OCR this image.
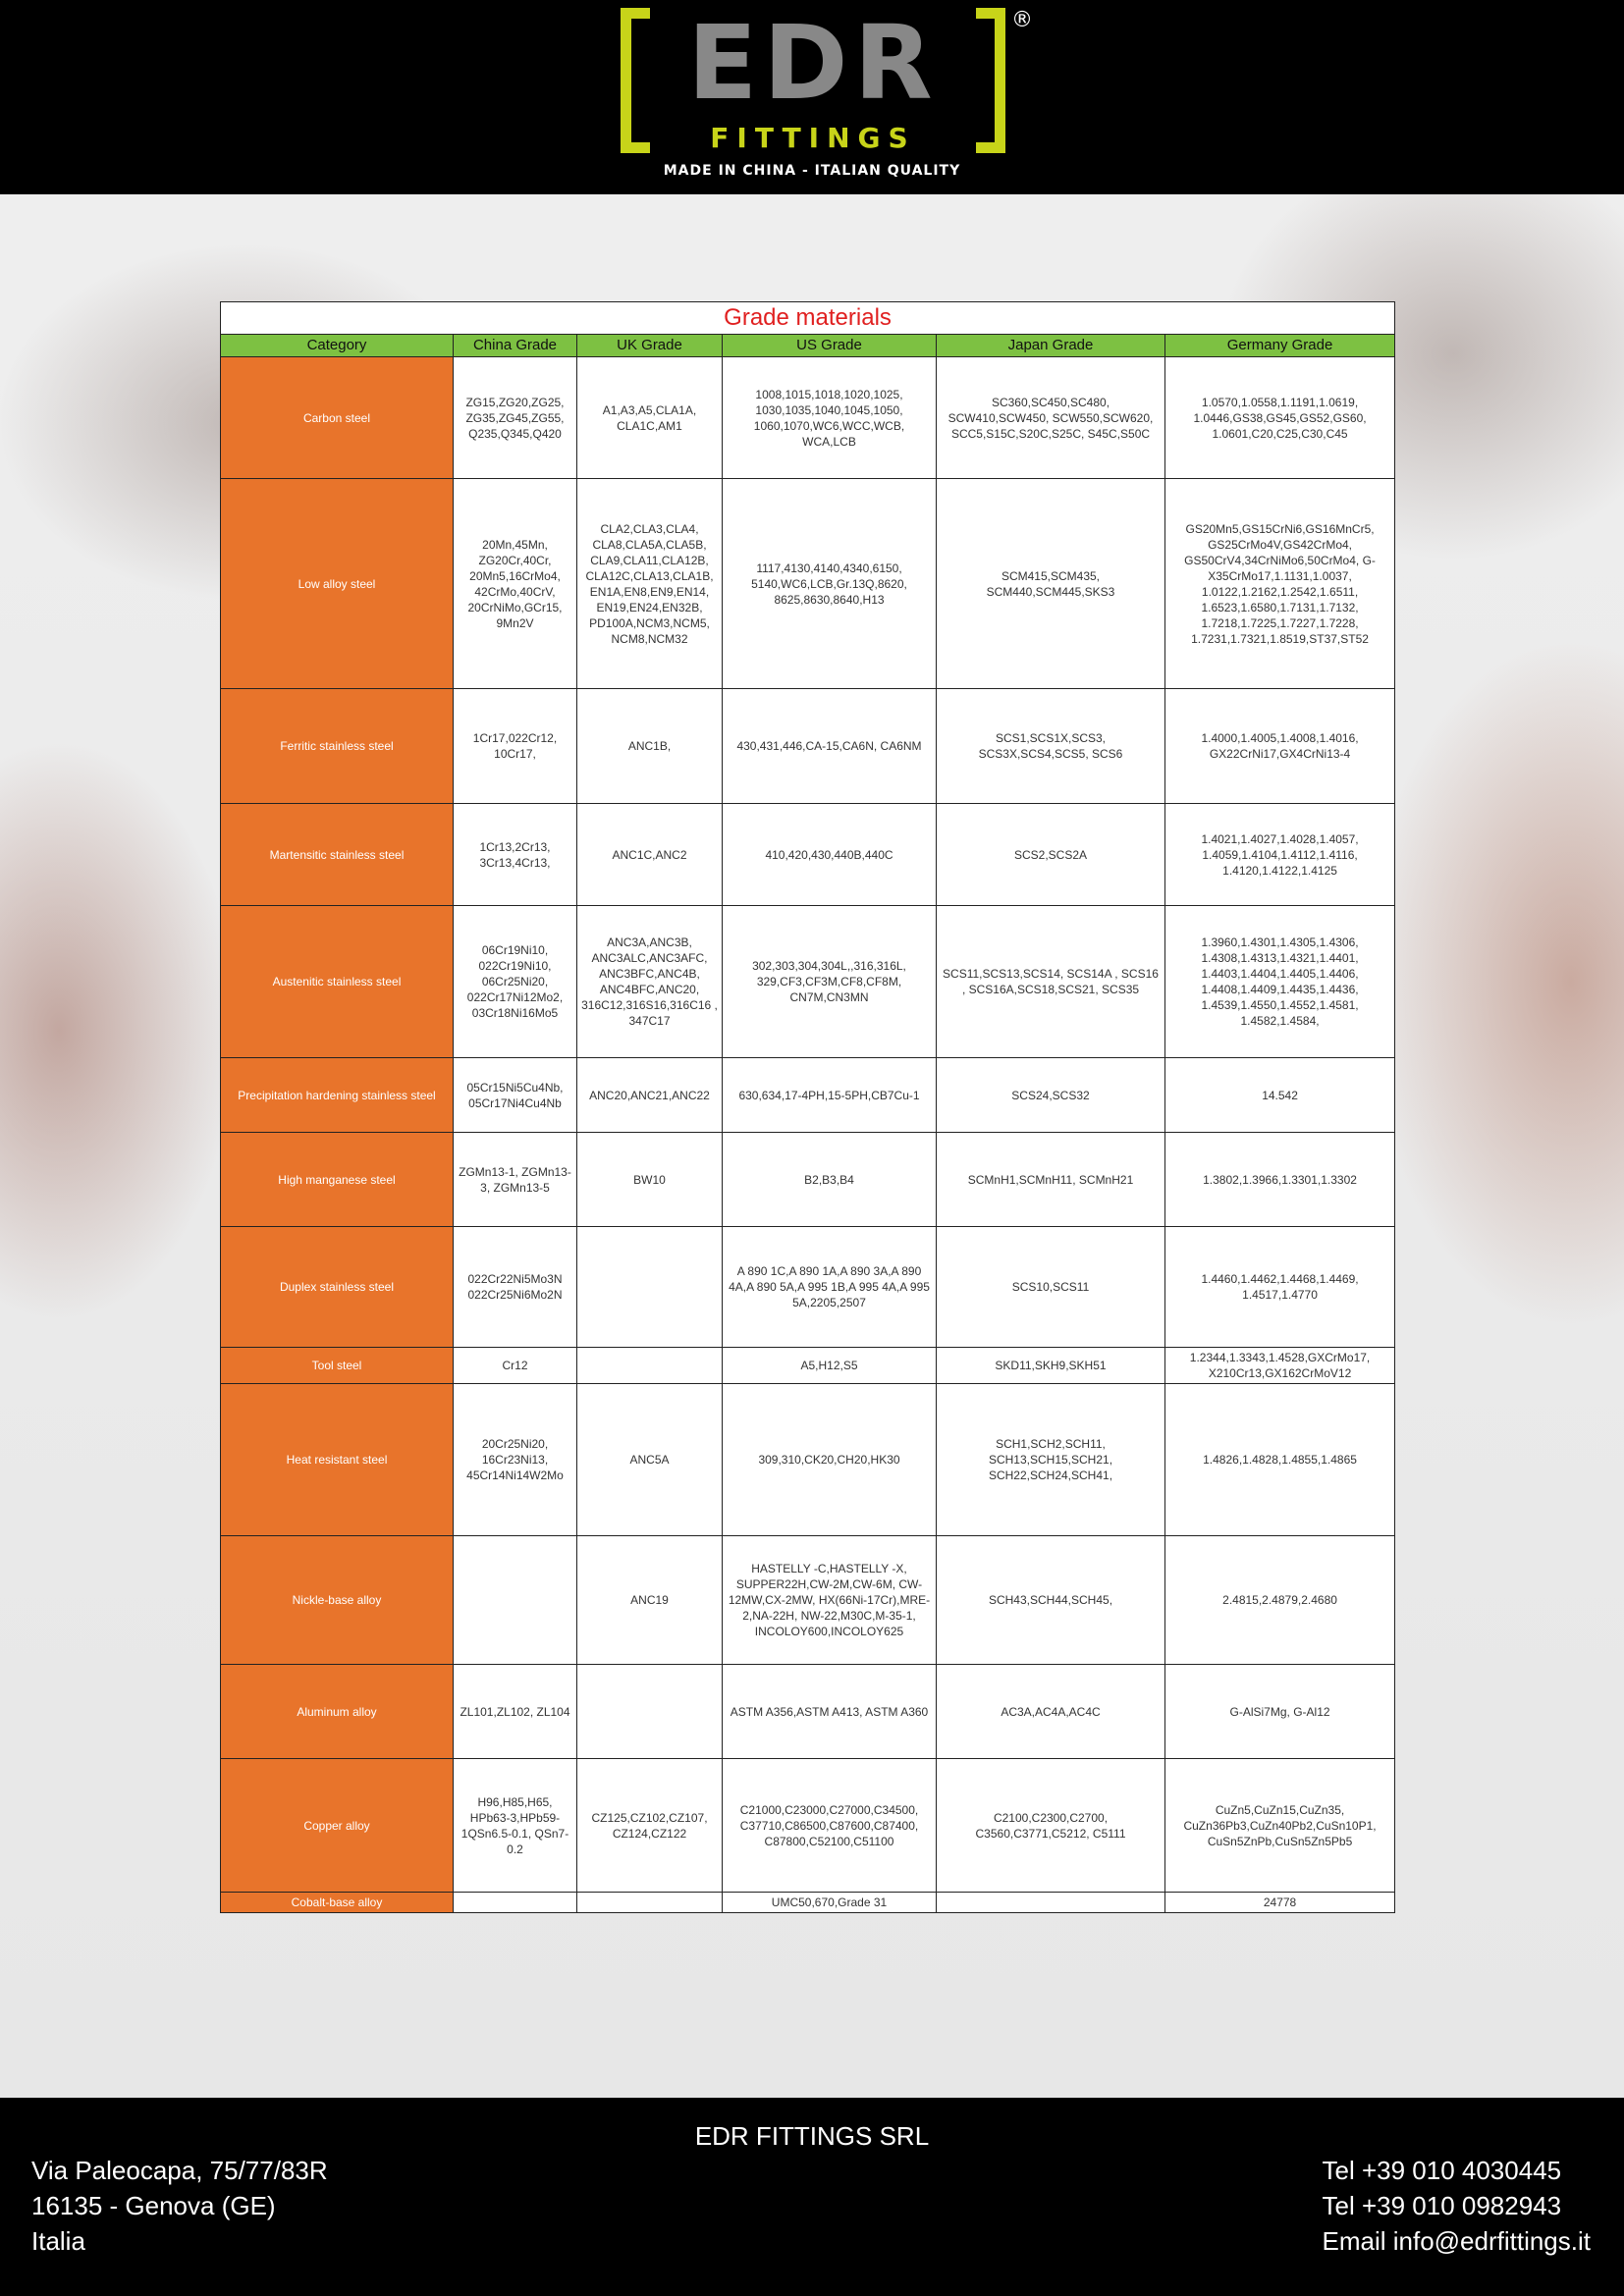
EDR
FITTINGS
®
MADE IN CHINA - ITALIAN QUALITY
Grade materials					
Category	China Grade	UK Grade	US Grade	Japan Grade	Germany Grade
Carbon steel	ZG15,ZG20,ZG25, ZG35,ZG45,ZG55, Q235,Q345,Q420	A1,A3,A5,CLA1A, CLA1C,AM1	1008,1015,1018,1020,1025, 1030,1035,1040,1045,1050, 1060,1070,WC6,WCC,WCB, WCA,LCB	SC360,SC450,SC480, SCW410,SCW450, SCW550,SCW620, SCC5,S15C,S20C,S25C, S45C,S50C	1.0570,1.0558,1.1191,1.0619, 1.0446,GS38,GS45,GS52,GS60, 1.0601,C20,C25,C30,C45
Low alloy steel	20Mn,45Mn, ZG20Cr,40Cr, 20Mn5,16CrMo4, 42CrMo,40CrV, 20CrNiMo,GCr15, 9Mn2V	CLA2,CLA3,CLA4, CLA8,CLA5A,CLA5B, CLA9,CLA11,CLA12B, CLA12C,CLA13,CLA1B, EN1A,EN8,EN9,EN14, EN19,EN24,EN32B, PD100A,NCM3,NCM5, NCM8,NCM32	1117,4130,4140,4340,6150, 5140,WC6,LCB,Gr.13Q,8620, 8625,8630,8640,H13	SCM415,SCM435, SCM440,SCM445,SKS3	GS20Mn5,GS15CrNi6,GS16MnCr5, GS25CrMo4V,GS42CrMo4, GS50CrV4,34CrNiMo6,50CrMo4, G-X35CrMo17,1.1131,1.0037, 1.0122,1.2162,1.2542,1.6511, 1.6523,1.6580,1.7131,1.7132, 1.7218,1.7225,1.7227,1.7228, 1.7231,1.7321,1.8519,ST37,ST52
Ferritic stainless steel	1Cr17,022Cr12, 10Cr17,	ANC1B,	430,431,446,CA-15,CA6N, CA6NM	SCS1,SCS1X,SCS3, SCS3X,SCS4,SCS5, SCS6	1.4000,1.4005,1.4008,1.4016, GX22CrNi17,GX4CrNi13-4
Martensitic stainless steel	1Cr13,2Cr13, 3Cr13,4Cr13,	ANC1C,ANC2	410,420,430,440B,440C	SCS2,SCS2A	1.4021,1.4027,1.4028,1.4057, 1.4059,1.4104,1.4112,1.4116, 1.4120,1.4122,1.4125
Austenitic stainless steel	06Cr19Ni10, 022Cr19Ni10, 06Cr25Ni20, 022Cr17Ni12Mo2, 03Cr18Ni16Mo5	ANC3A,ANC3B, ANC3ALC,ANC3AFC, ANC3BFC,ANC4B, ANC4BFC,ANC20, 316C12,316S16,316C16 , 347C17	302,303,304,304L,,316,316L, 329,CF3,CF3M,CF8,CF8M, CN7M,CN3MN	SCS11,SCS13,SCS14, SCS14A , SCS16 , SCS16A,SCS18,SCS21, SCS35	1.3960,1.4301,1.4305,1.4306, 1.4308,1.4313,1.4321,1.4401, 1.4403,1.4404,1.4405,1.4406, 1.4408,1.4409,1.4435,1.4436, 1.4539,1.4550,1.4552,1.4581, 1.4582,1.4584,
Precipitation hardening stainless steel	05Cr15Ni5Cu4Nb, 05Cr17Ni4Cu4Nb	ANC20,ANC21,ANC22	630,634,17-4PH,15-5PH,CB7Cu-1	SCS24,SCS32	14.542
High manganese steel	ZGMn13-1, ZGMn13-3, ZGMn13-5	BW10	B2,B3,B4	SCMnH1,SCMnH11, SCMnH21	1.3802,1.3966,1.3301,1.3302
Duplex stainless steel	022Cr22Ni5Mo3N 022Cr25Ni6Mo2N		A 890 1C,A 890 1A,A 890 3A,A 890 4A,A 890 5A,A 995 1B,A 995 4A,A 995 5A,2205,2507	SCS10,SCS11	1.4460,1.4462,1.4468,1.4469, 1.4517,1.4770
Tool steel	Cr12		A5,H12,S5	SKD11,SKH9,SKH51	1.2344,1.3343,1.4528,GXCrMo17, X210Cr13,GX162CrMoV12
Heat resistant steel	20Cr25Ni20, 16Cr23Ni13, 45Cr14Ni14W2Mo	ANC5A	309,310,CK20,CH20,HK30	SCH1,SCH2,SCH11, SCH13,SCH15,SCH21, SCH22,SCH24,SCH41,	1.4826,1.4828,1.4855,1.4865
Nickle-base alloy		ANC19	HASTELLY -C,HASTELLY -X, SUPPER22H,CW-2M,CW-6M, CW-12MW,CX-2MW, HX(66Ni-17Cr),MRE-2,NA-22H, NW-22,M30C,M-35-1, INCOLOY600,INCOLOY625	SCH43,SCH44,SCH45,	2.4815,2.4879,2.4680
Aluminum alloy	ZL101,ZL102, ZL104		ASTM A356,ASTM A413, ASTM A360	AC3A,AC4A,AC4C	G-AlSi7Mg, G-Al12
Copper alloy	H96,H85,H65, HPb63-3,HPb59-1QSn6.5-0.1, QSn7-0.2	CZ125,CZ102,CZ107, CZ124,CZ122	C21000,C23000,C27000,C34500, C37710,C86500,C87600,C87400, C87800,C52100,C51100	C2100,C2300,C2700, C3560,C3771,C5212, C5111	CuZn5,CuZn15,CuZn35, CuZn36Pb3,CuZn40Pb2,CuSn10P1, CuSn5ZnPb,CuSn5Zn5Pb5
Cobalt-base alloy			UMC50,670,Grade 31		24778
EDR FITTINGS SRL
Via Paleocapa, 75/77/83R
16135 - Genova (GE)
Italia
Tel +39 010 4030445
Tel +39 010 0982943
Email info@edrfittings.it
